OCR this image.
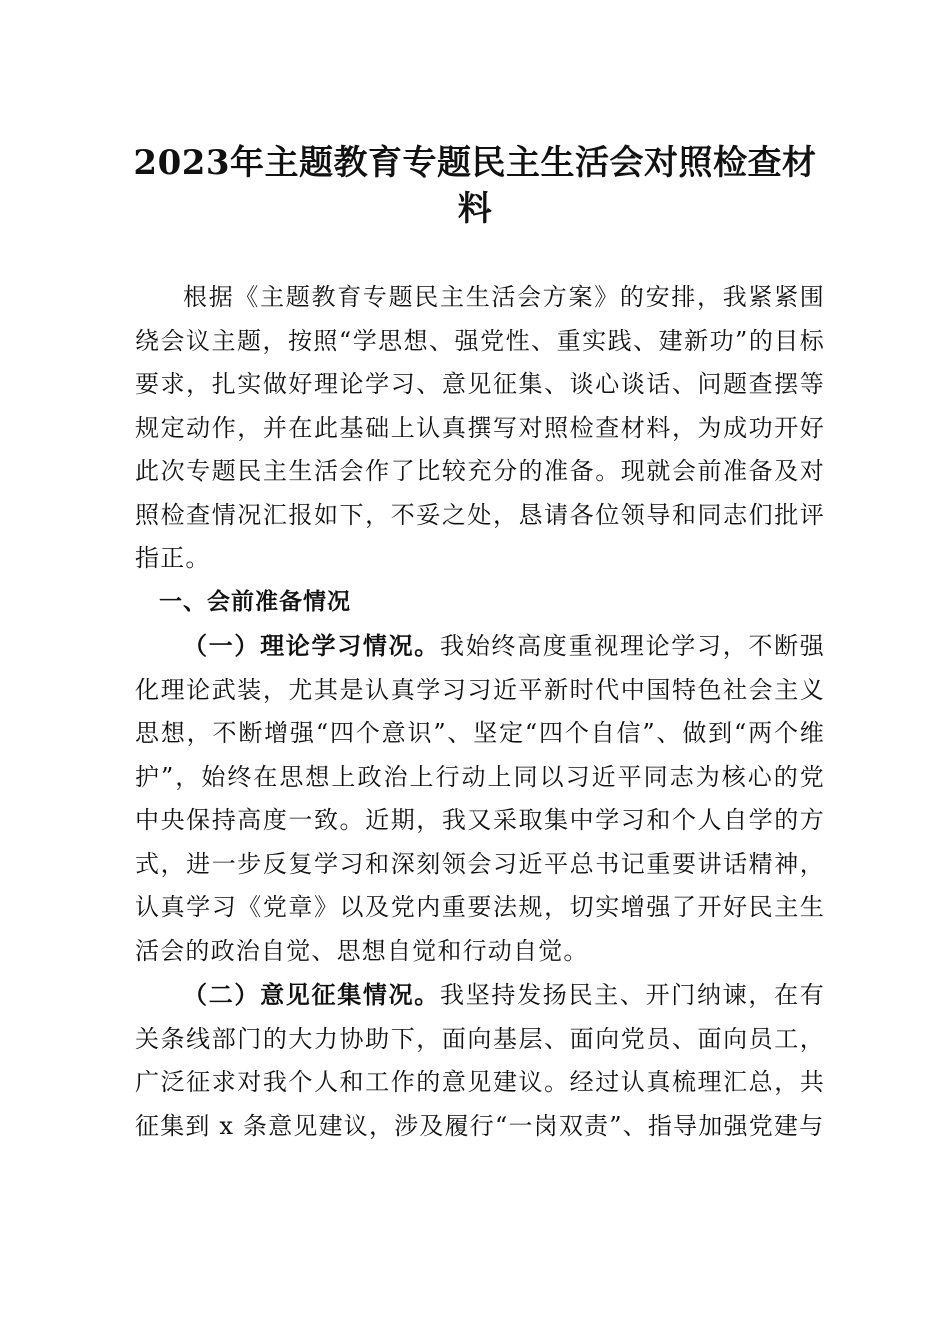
2023年主题教育专题民主生活会对照检查材料

根据《主题教育专题民主生活会方案》的安排，我紧紧围绕会议主题，按照“学思想、强党性、重实践、建新功”的目标要求，扎实做好理论学习、意见征集、谈心谈话、问题查摆等规定动作，并在此基础上认真撰写对照检查材料，为成功开好此次专题民主生活会作了比较充分的准备。现就会前准备及对照检查情况汇报如下，不妥之处，恳请各位领导和同志们批评指正。

一、会前准备情况

（一）理论学习情况。我始终高度重视理论学习，不断强化理论武装，尤其是认真学习习近平新时代中国特色社会主义思想，不断增强“四个意识”、坚定“四个自信”、做到“两个维护”，始终在思想上政治上行动上同以习近平同志为核心的党中央保持高度一致。近期，我又采取集中学习和个人自学的方式，进一步反复学习和深刻领会习近平总书记重要讲话精神，认真学习《党章》以及党内重要法规，切实增强了开好民主生活会的政治自觉、思想自觉和行动自觉。

（二）意见征集情况。我坚持发扬民主、开门纳谏，在有关条线部门的大力协助下，面向基层、面向党员、面向员工，广泛征求对我个人和工作的意见建议。经过认真梳理汇总，共征集到 x 条意见建议，涉及履行“一岗双责”、指导加强党建与
